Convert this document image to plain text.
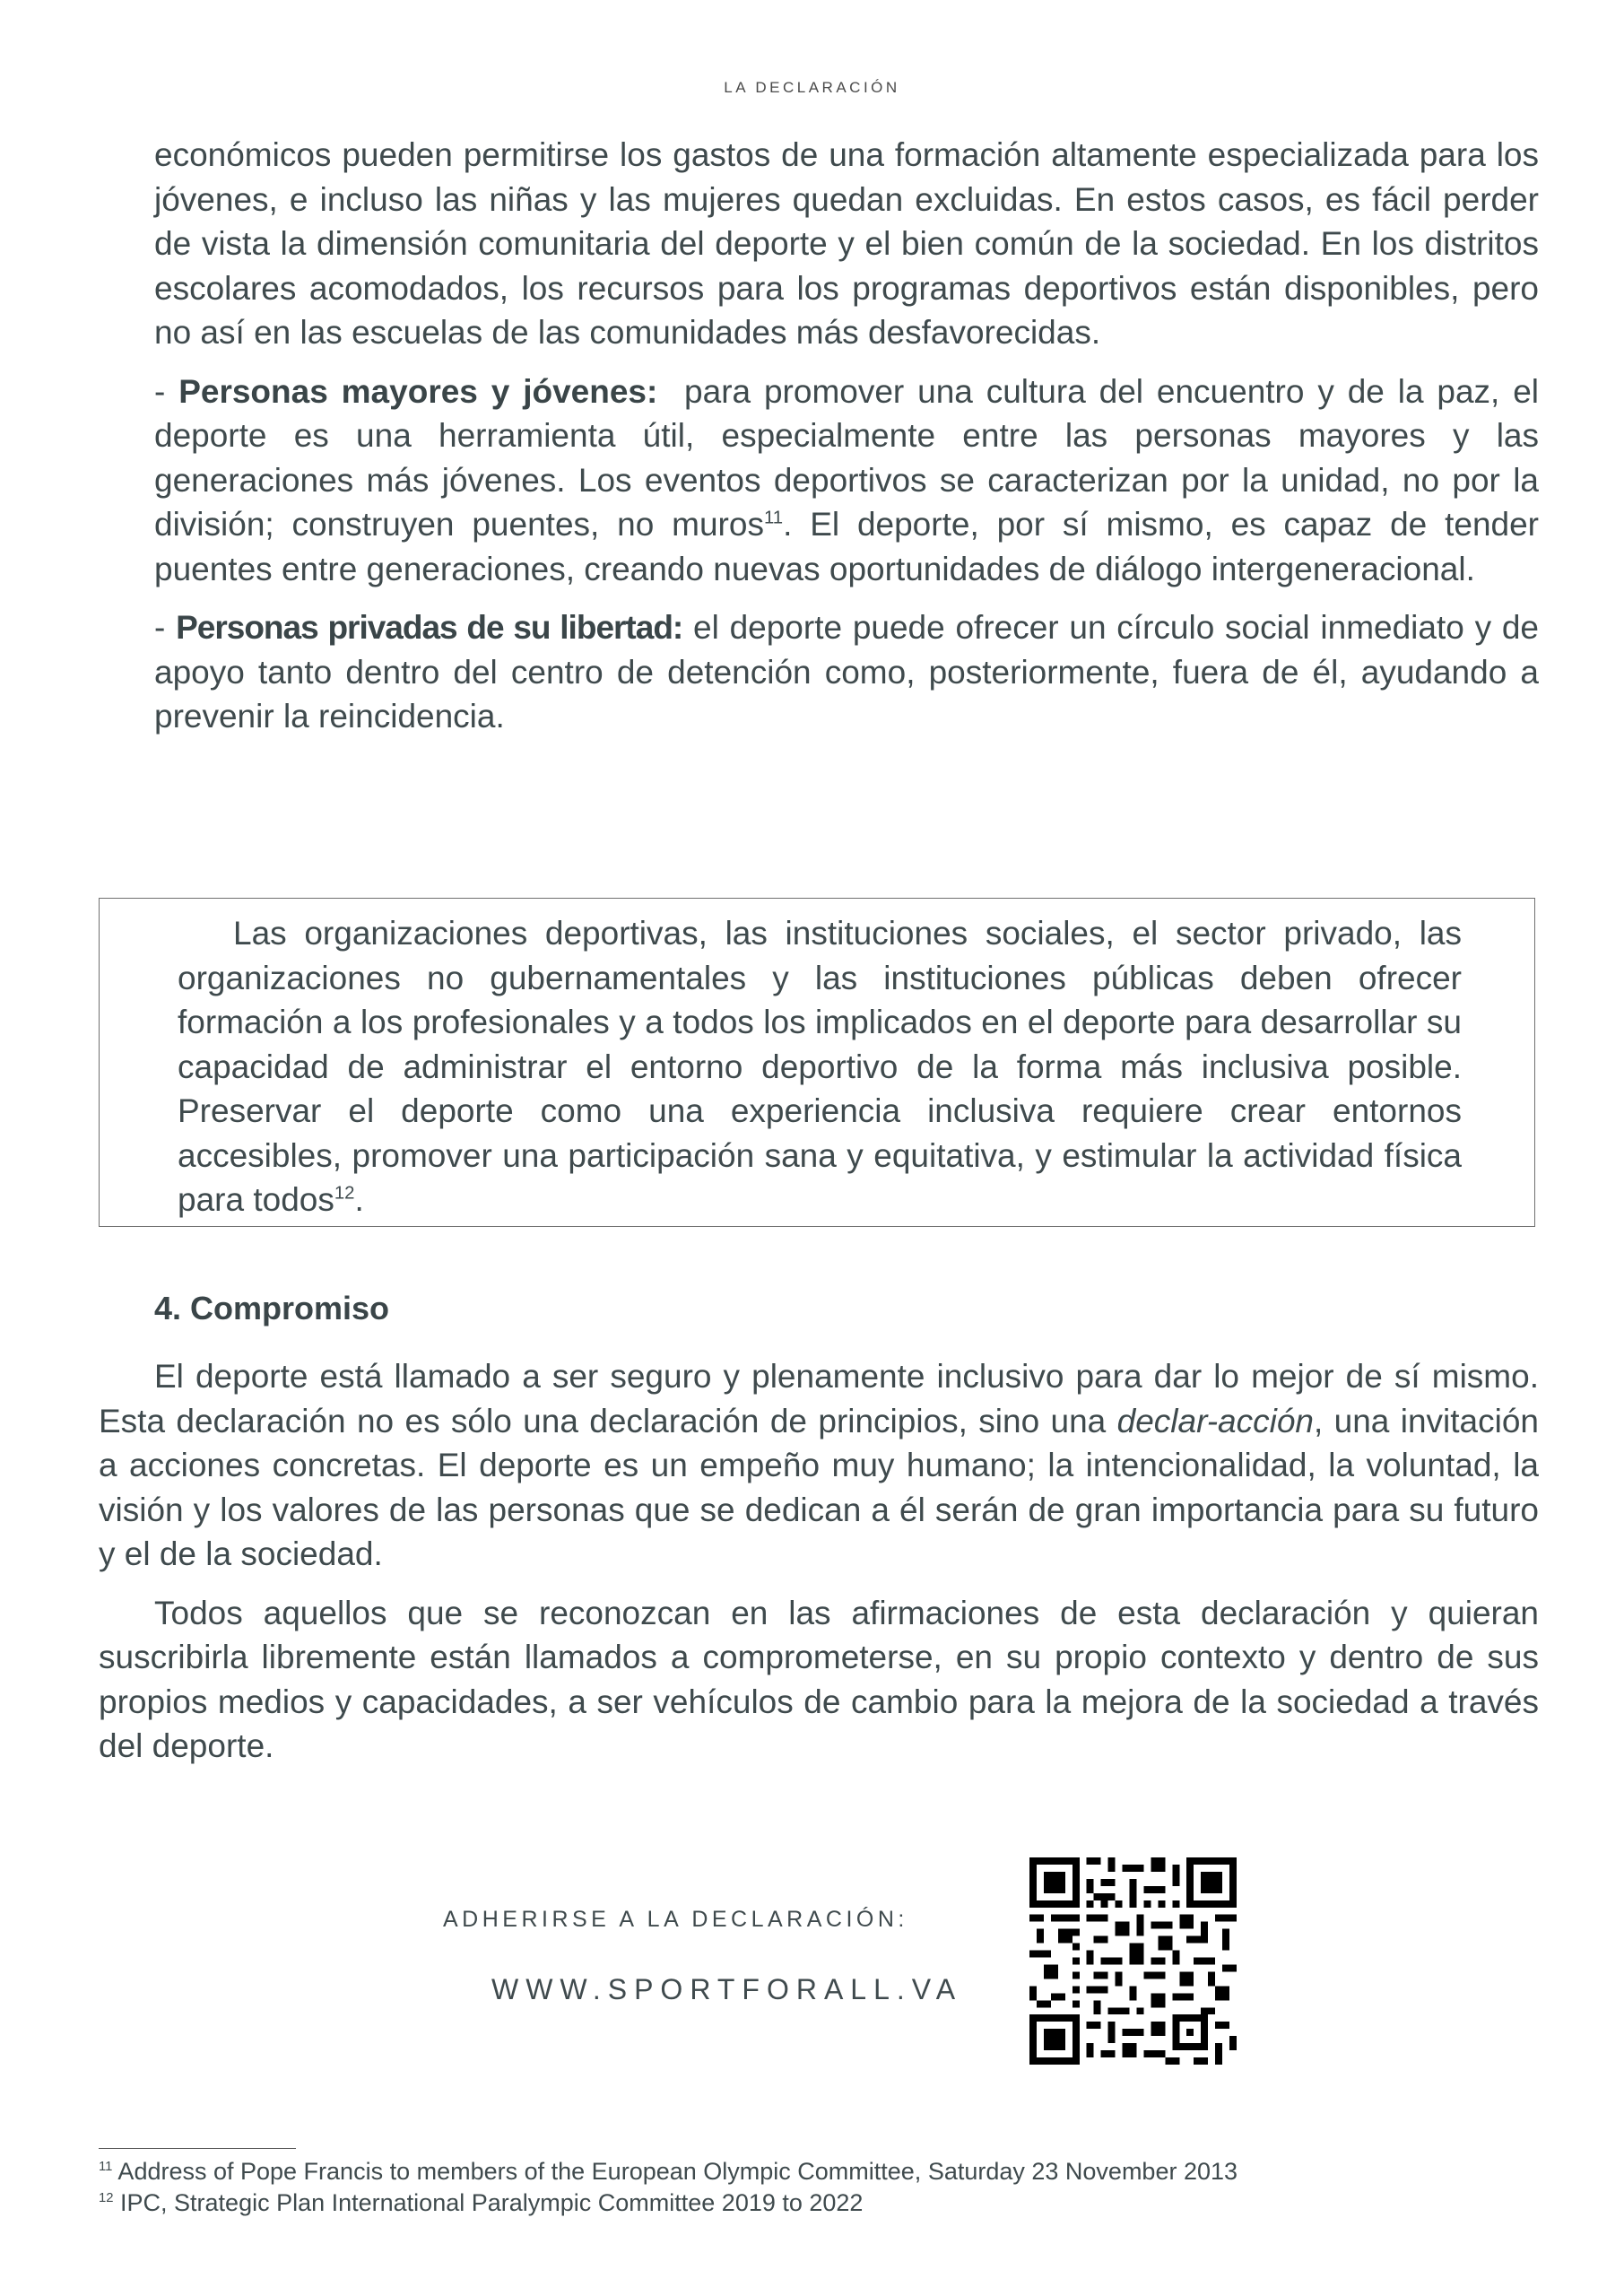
LA DECLARACIÓN

económicos pueden permitirse los gastos de una formación altamente especializada para los jóvenes, e incluso las niñas y las mujeres quedan excluidas. En estos casos, es fácil perder de vista la dimensión comunitaria del deporte y el bien común de la sociedad. En los distritos escolares acomodados, los recursos para los programas deportivos están disponibles, pero no así en las escuelas de las comunidades más desfavorecidas.

- Personas mayores y jóvenes:  para promover una cultura del encuentro y de la paz, el deporte es una herramienta útil, especialmente entre las personas mayores y las generaciones más jóvenes. Los eventos deportivos se caracterizan por la unidad, no por la división; construyen puentes, no muros$^{11}$. El deporte, por sí mismo, es capaz de tender puentes entre generaciones, creando nuevas oportunidades de diálogo intergeneracional.

- Personas privadas de su libertad: el deporte puede ofrecer un círculo social inmediato y de apoyo tanto dentro del centro de detención como, posteriormente, fuera de él, ayudando a prevenir la reincidencia.

Las organizaciones deportivas, las instituciones sociales, el sector privado, las organizaciones no gubernamentales y las instituciones públicas deben ofrecer formación a los profesionales y a todos los implicados en el deporte para desarrollar su capacidad de administrar el entorno deportivo de la forma más inclusiva posible. Preservar el deporte como una experiencia inclusiva requiere crear entornos accesibles, promover una participación sana y equitativa, y estimular la actividad física para todos$^{12}$.

4. Compromiso

El deporte está llamado a ser seguro y plenamente inclusivo para dar lo mejor de sí mismo. Esta declaración no es sólo una declaración de principios, sino una declar-acción, una invitación a acciones concretas. El deporte es un empeño muy humano; la intencionalidad, la voluntad, la visión y los valores de las personas que se dedican a él serán de gran importancia para su futuro y el de la sociedad.

Todos aquellos que se reconozcan en las afirmaciones de esta declaración y quieran suscribirla libremente están llamados a comprometerse, en su propio contexto y dentro de sus propios medios y capacidades, a ser vehículos de cambio para la mejora de la sociedad a través del deporte.

ADHERIRSE A LA DECLARACIÓN:
WWW.SPORTFORALL.VA
$^{11}$ Address of Pope Francis to members of the European Olympic Committee, Saturday 23 November 2013
$^{12}$ IPC, Strategic Plan International Paralympic Committee 2019 to 2022
